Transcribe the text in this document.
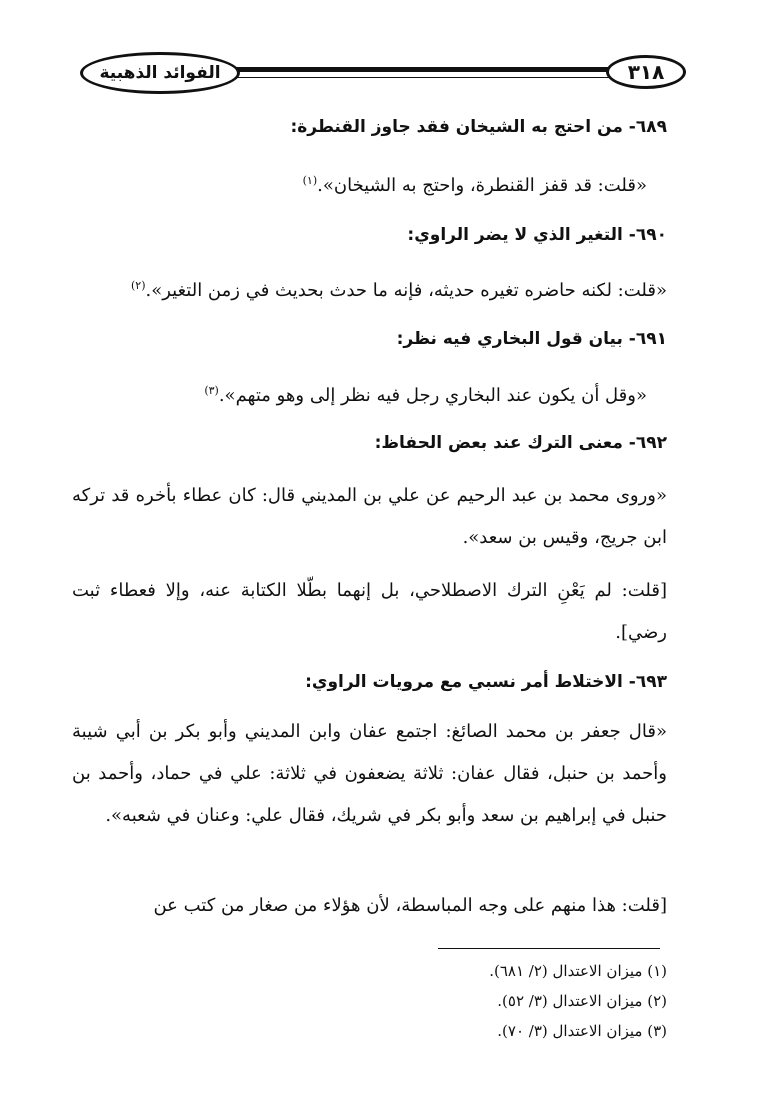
الفوائد الذهبية	٣١٨
٦٨٩- من احتج به الشيخان فقد جاوز القنطرة:

«قلت: قد قفز القنطرة، واحتج به الشيخان».$^{(١)}$

٦٩٠- التغير الذي لا يضر الراوي:

«قلت: لكنه حاضره تغيره حديثه، فإنه ما حدث بحديث في زمن التغير».$^{(٢)}$

٦٩١- بيان قول البخاري فيه نظر:

«وقل أن يكون عند البخاري رجل فيه نظر إلى وهو متهم».$^{(٣)}$

٦٩٢- معنى الترك عند بعض الحفاظ:

«وروى محمد بن عبد الرحيم عن علي بن المديني قال: كان عطاء بأخره قد تركه ابن جريج، وقيس بن سعد».

[قلت: لم يَعْنِ الترك الاصطلاحي، بل إنهما بطّلا الكتابة عنه، وإلا فعطاء ثبت رضي].

٦٩٣- الاختلاط أمر نسبي مع مرويات الراوي:

«قال جعفر بن محمد الصائغ: اجتمع عفان وابن المديني وأبو بكر بن أبي شيبة وأحمد بن حنبل، فقال عفان: ثلاثة يضعفون في ثلاثة: علي في حماد، وأحمد بن حنبل في إبراهيم بن سعد وأبو بكر في شريك، فقال علي: وعنان في شعبه».

[قلت: هذا منهم على وجه المباسطة، لأن هؤلاء من صغار من كتب عن

(١) ميزان الاعتدال (٢/ ٦٨١).

(٢) ميزان الاعتدال (٣/ ٥٢).

(٣) ميزان الاعتدال (٣/ ٧٠).
